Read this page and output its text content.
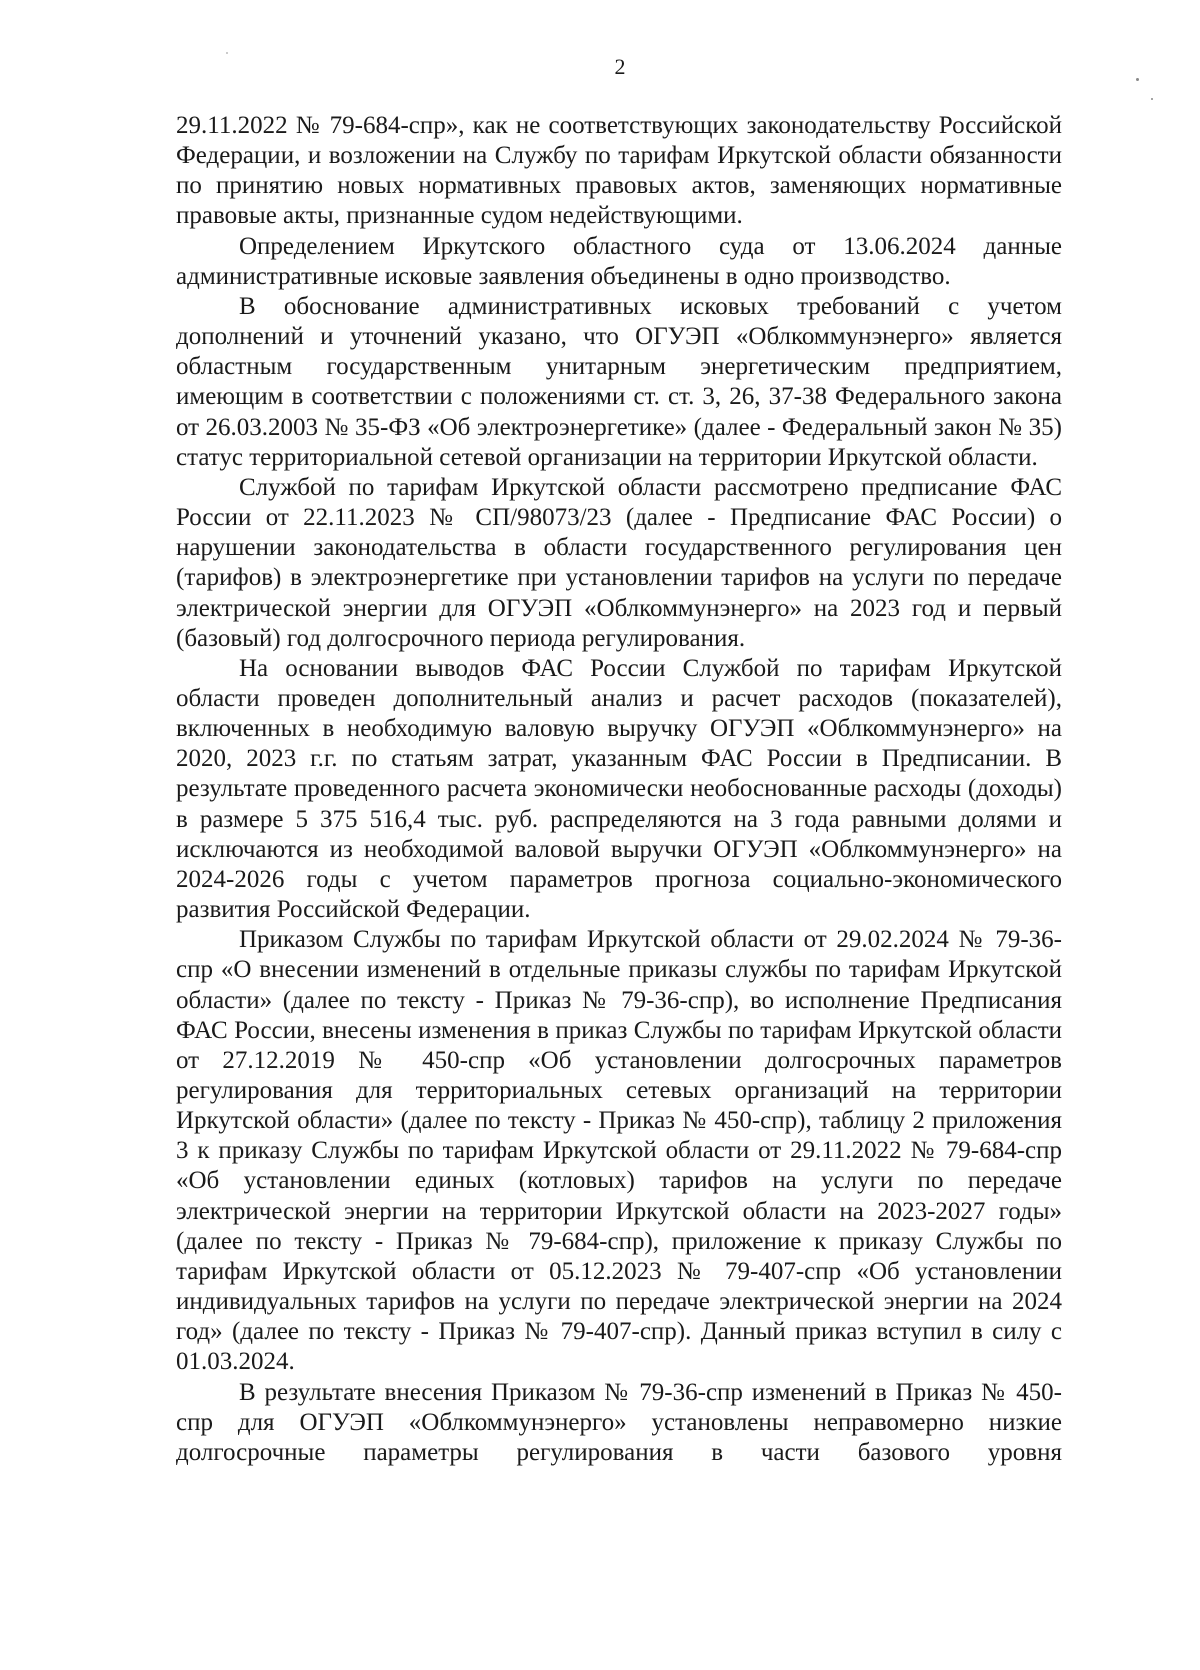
2

29.11.2022 № 79-684-спр», как не соответствующих законодательству Российской Федерации, и возложении на Службу по тарифам Иркутской области обязанности по принятию новых нормативных правовых актов, заменяющих нормативные правовые акты, признанные судом недействующими.

Определением Иркутского областного суда от 13.06.2024 данные административные исковые заявления объединены в одно производство.

В обоснование административных исковых требований с учетом дополнений и уточнений указано, что ОГУЭП «Облкоммунэнерго» является областным государственным унитарным энергетическим предприятием, имеющим в соответствии с положениями ст. ст. 3, 26, 37-38 Федерального закона от 26.03.2003 № 35-ФЗ «Об электроэнергетике» (далее - Федеральный закон № 35) статус территориальной сетевой организации на территории Иркутской области.

Службой по тарифам Иркутской области рассмотрено предписание ФАС России от 22.11.2023 № СП/98073/23 (далее - Предписание ФАС России) о нарушении законодательства в области государственного регулирования цен (тарифов) в электроэнергетике при установлении тарифов на услуги по передаче электрической энергии для ОГУЭП «Облкоммунэнерго» на 2023 год и первый (базовый) год долгосрочного периода регулирования.

На основании выводов ФАС России Службой по тарифам Иркутской области проведен дополнительный анализ и расчет расходов (показателей), включенных в необходимую валовую выручку ОГУЭП «Облкоммунэнерго» на 2020, 2023 г.г. по статьям затрат, указанным ФАС России в Предписании. В результате проведенного расчета экономически необоснованные расходы (доходы) в размере 5 375 516,4 тыс. руб. распределяются на 3 года равными долями и исключаются из необходимой валовой выручки ОГУЭП «Облкоммунэнерго» на 2024-2026 годы с учетом параметров прогноза социально-экономического развития Российской Федерации.

Приказом Службы по тарифам Иркутской области от 29.02.2024 № 79-36-спр «О внесении изменений в отдельные приказы службы по тарифам Иркутской области» (далее по тексту - Приказ № 79-36-спр), во исполнение Предписания ФАС России, внесены изменения в приказ Службы по тарифам Иркутской области от 27.12.2019 № 450-спр «Об установлении долгосрочных параметров регулирования для территориальных сетевых организаций на территории Иркутской области» (далее по тексту - Приказ № 450-спр), таблицу 2 приложения 3 к приказу Службы по тарифам Иркутской области от 29.11.2022 № 79-684-спр «Об установлении единых (котловых) тарифов на услуги по передаче электрической энергии на территории Иркутской области на 2023-2027 годы» (далее по тексту - Приказ № 79-684-спр), приложение к приказу Службы по тарифам Иркутской области от 05.12.2023 № 79-407-спр «Об установлении индивидуальных тарифов на услуги по передаче электрической энергии на 2024 год» (далее по тексту - Приказ № 79-407-спр). Данный приказ вступил в силу с 01.03.2024.

В результате внесения Приказом № 79-36-спр изменений в Приказ № 450-спр для ОГУЭП «Облкоммунэнерго» установлены неправомерно низкие долгосрочные параметры регулирования в части базового уровня
